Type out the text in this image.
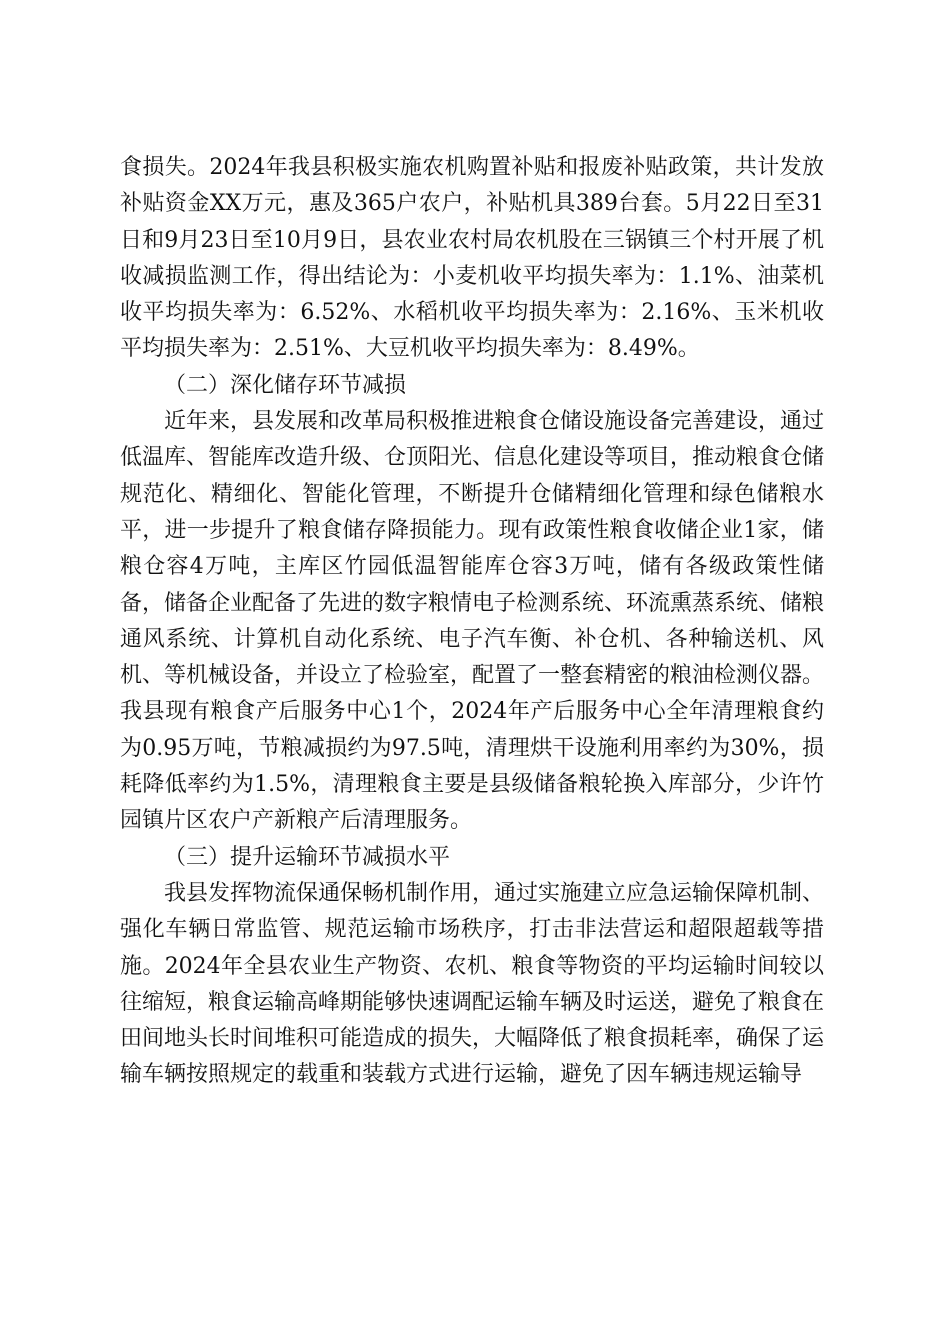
食损失。2024年我县积极实施农机购置补贴和报废补贴政策，共计发放补贴资金XX万元，惠及365户农户，补贴机具389台套。5月22日至31日和9月23日至10月9日，县农业农村局农机股在三锅镇三个村开展了机收减损监测工作，得出结论为：小麦机收平均损失率为：1.1%、油菜机收平均损失率为：6.52%、水稻机收平均损失率为：2.16%、玉米机收平均损失率为：2.51%、大豆机收平均损失率为：8.49%。

（二）深化储存环节减损

近年来，县发展和改革局积极推进粮食仓储设施设备完善建设，通过低温库、智能库改造升级、仓顶阳光、信息化建设等项目，推动粮食仓储规范化、精细化、智能化管理，不断提升仓储精细化管理和绿色储粮水平，进一步提升了粮食储存降损能力。现有政策性粮食收储企业1家，储粮仓容4万吨，主库区竹园低温智能库仓容3万吨，储有各级政策性储备，储备企业配备了先进的数字粮情电子检测系统、环流熏蒸系统、储粮通风系统、计算机自动化系统、电子汽车衡、补仓机、各种输送机、风机、等机械设备，并设立了检验室，配置了一整套精密的粮油检测仪器。我县现有粮食产后服务中心1个，2024年产后服务中心全年清理粮食约为0.95万吨，节粮减损约为97.5吨，清理烘干设施利用率约为30%，损耗降低率约为1.5%，清理粮食主要是县级储备粮轮换入库部分，少许竹园镇片区农户产新粮产后清理服务。

（三）提升运输环节减损水平

我县发挥物流保通保畅机制作用，通过实施建立应急运输保障机制、强化车辆日常监管、规范运输市场秩序，打击非法营运和超限超载等措施。2024年全县农业生产物资、农机、粮食等物资的平均运输时间较以往缩短，粮食运输高峰期能够快速调配运输车辆及时运送，避免了粮食在田间地头长时间堆积可能造成的损失，大幅降低了粮食损耗率，确保了运输车辆按照规定的载重和装载方式进行运输，避免了因车辆违规运输导
